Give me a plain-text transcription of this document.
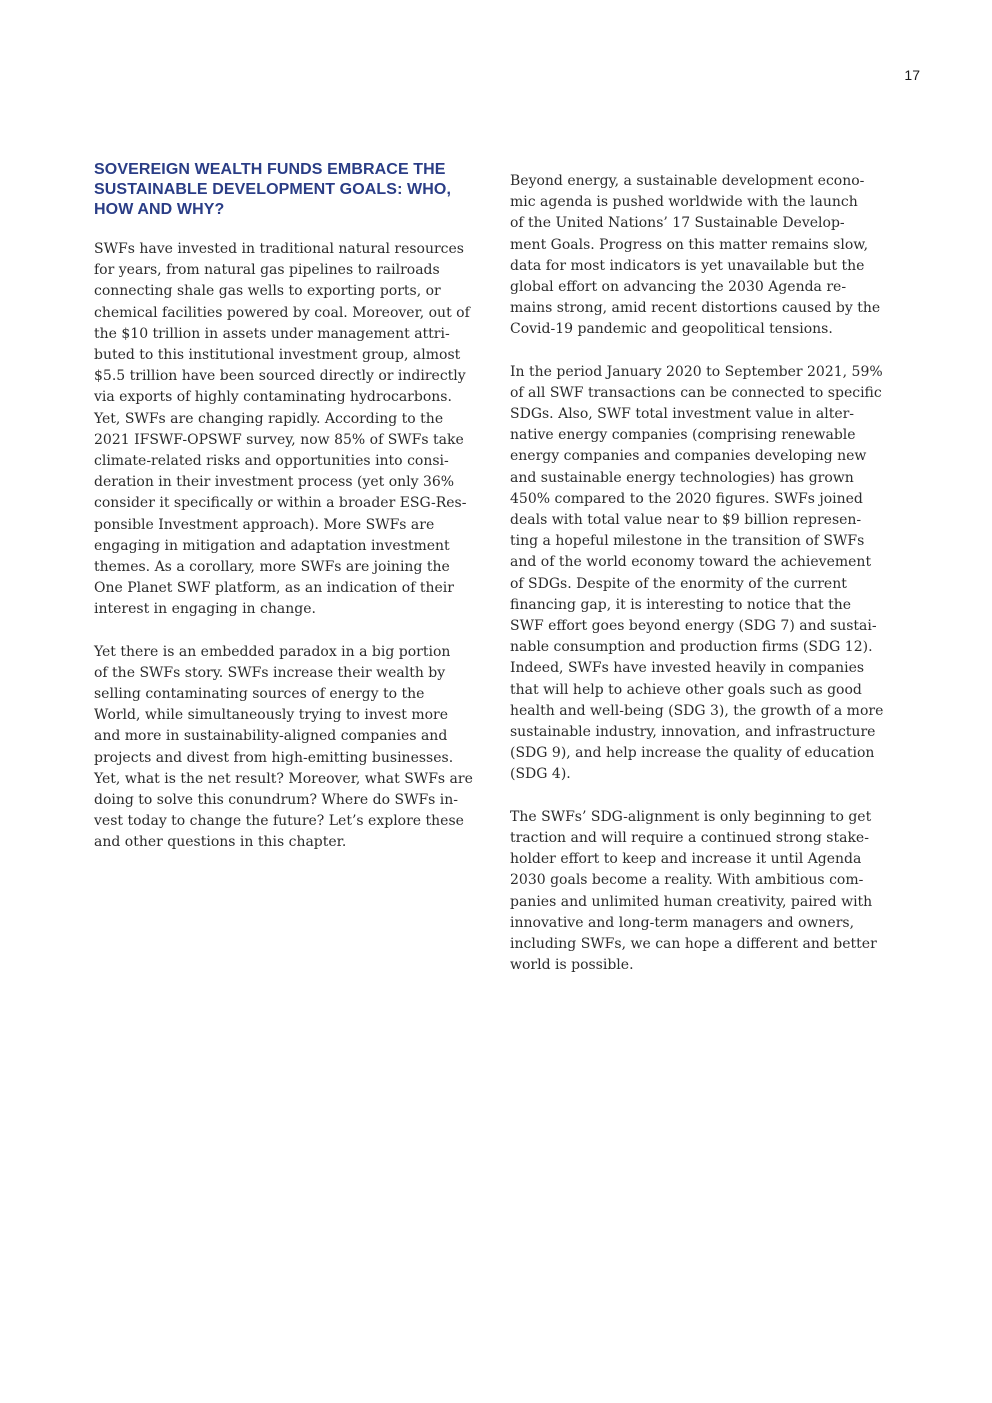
17
SOVEREIGN WEALTH FUNDS EMBRACE THE
SUSTAINABLE DEVELOPMENT GOALS: WHO,
HOW AND WHY?
SWFs have invested in traditional natural resources
for years, from natural gas pipelines to railroads
connecting shale gas wells to exporting ports, or
chemical facilities powered by coal. Moreover, out of
the $10 trillion in assets under management attri-
buted to this institutional investment group, almost
$5.5 trillion have been sourced directly or indirectly
via exports of highly contaminating hydrocarbons.
Yet, SWFs are changing rapidly. According to the
2021 IFSWF-OPSWF survey, now 85% of SWFs take
climate-related risks and opportunities into consi-
deration in their investment process (yet only 36%
consider it specifically or within a broader ESG-Res-
ponsible Investment approach). More SWFs are
engaging in mitigation and adaptation investment
themes. As a corollary, more SWFs are joining the
One Planet SWF platform, as an indication of their
interest in engaging in change.
Yet there is an embedded paradox in a big portion
of the SWFs story. SWFs increase their wealth by
selling contaminating sources of energy to the
World, while simultaneously trying to invest more
and more in sustainability-aligned companies and
projects and divest from high-emitting businesses.
Yet, what is the net result? Moreover, what SWFs are
doing to solve this conundrum? Where do SWFs in-
vest today to change the future? Let’s explore these
and other questions in this chapter.
Beyond energy, a sustainable development econo-
mic agenda is pushed worldwide with the launch
of the United Nations’ 17 Sustainable Develop-
ment Goals. Progress on this matter remains slow,
data for most indicators is yet unavailable but the
global effort on advancing the 2030 Agenda re-
mains strong, amid recent distortions caused by the
Covid-19 pandemic and geopolitical tensions.
In the period January 2020 to September 2021, 59%
of all SWF transactions can be connected to specific
SDGs. Also, SWF total investment value in alter-
native energy companies (comprising renewable
energy companies and companies developing new
and sustainable energy technologies) has grown
450% compared to the 2020 figures. SWFs joined
deals with total value near to $9 billion represen-
ting a hopeful milestone in the transition of SWFs
and of the world economy toward the achievement
of SDGs. Despite of the enormity of the current
financing gap, it is interesting to notice that the
SWF effort goes beyond energy (SDG 7) and sustai-
nable consumption and production firms (SDG 12).
Indeed, SWFs have invested heavily in companies
that will help to achieve other goals such as good
health and well-being (SDG 3), the growth of a more
sustainable industry, innovation, and infrastructure
(SDG 9), and help increase the quality of education
(SDG 4).
The SWFs’ SDG-alignment is only beginning to get
traction and will require a continued strong stake-
holder effort to keep and increase it until Agenda
2030 goals become a reality. With ambitious com-
panies and unlimited human creativity, paired with
innovative and long-term managers and owners,
including SWFs, we can hope a different and better
world is possible.
